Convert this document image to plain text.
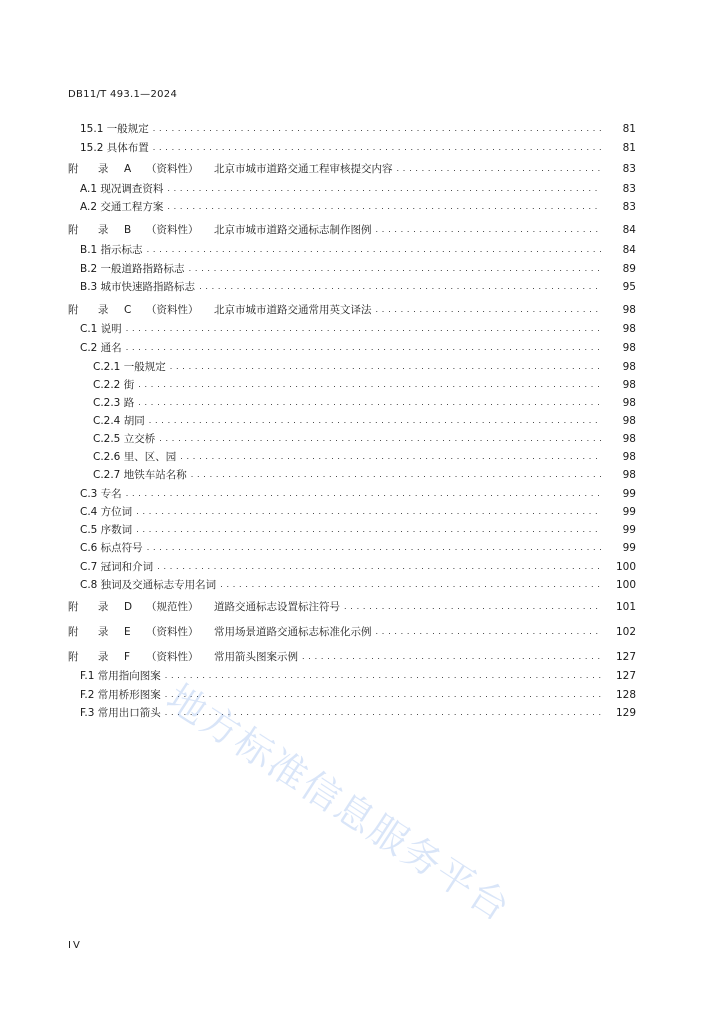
DB11/T 493.1—2024
15.1 一般规定 . . .	81
15.2 具体布置 . . .	81
附 录 A （资料性） 北京市城市道路交通工程审核提交内容 . . .	83
A.1 现况调查资料 . . .	83
A.2 交通工程方案 . . .	83
附 录 B （资料性） 北京市城市道路交通标志制作图例 . . .	84
B.1 指示标志 . . .	84
B.2 一般道路指路标志 . . .	89
B.3 城市快速路指路标志 . . .	95
附 录 C （资料性） 北京市城市道路交通常用英文译法 . . .	98
C.1 说明 . . .	98
C.2 通名 . . .	98
C.2.1 一般规定 . . .	98
C.2.2 街 . . .	98
C.2.3 路 . . .	98
C.2.4 胡同 . . .	98
C.2.5 立交桥 . . .	98
C.2.6 里、区、园 . . .	98
C.2.7 地铁车站名称 . . .	98
C.3 专名 . . .	99
C.4 方位词 . . .	99
C.5 序数词 . . .	99
C.6 标点符号 . . .	99
C.7 冠词和介词 . . .	100
C.8 独词及交通标志专用名词 . . .	100
附 录 D （规范性） 道路交通标志设置标注符号 . . .	101
附 录 E （资料性） 常用场景道路交通标志标准化示例 . . .	102
附 录 F （资料性） 常用箭头图案示例 . . .	127
F.1 常用指向图案 . . .	127
F.2 常用桥形图案 . . .	128
F.3 常用出口箭头 . . .	129
IV
地方标准信息服务平台
